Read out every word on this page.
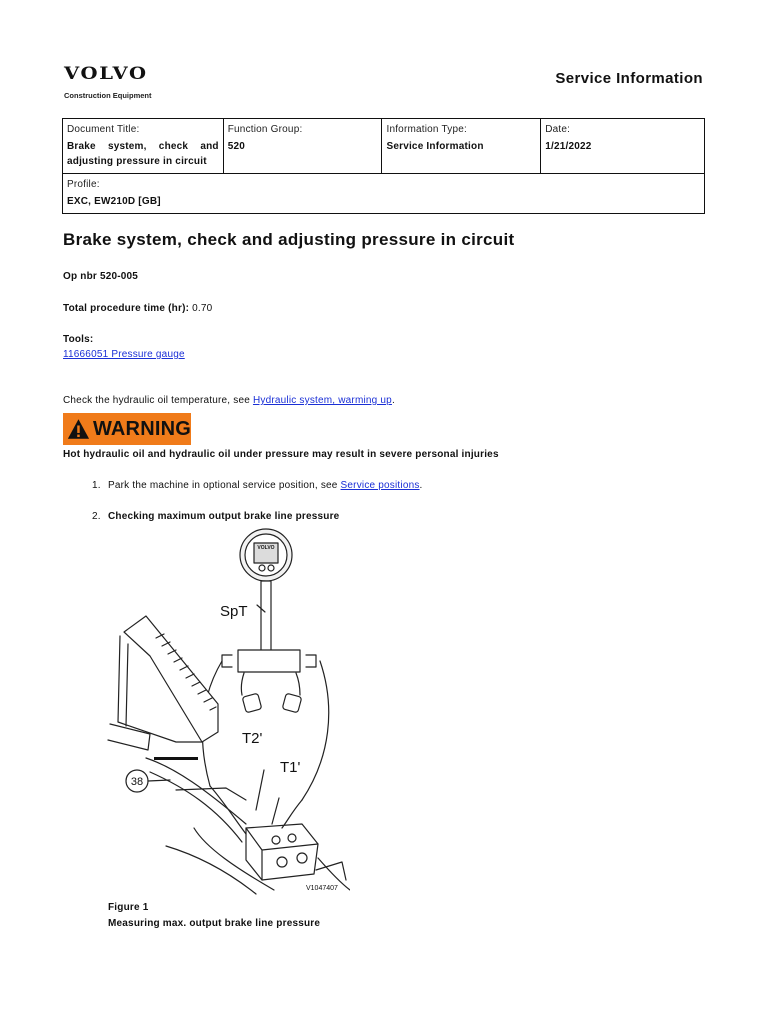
VOLVO
Construction Equipment
Service Information
Document Title:
Brake system, check and adjusting pressure in circuit

Function Group:
520

Information Type:
Service Information

Date:
1/21/2022

Profile:
EXC, EW210D [GB]
Brake system, check and adjusting pressure in circuit
Op nbr 520-005
Total procedure time (hr): 0.70
Tools:
11666051 Pressure gauge
Check the hydraulic oil temperature, see Hydraulic system, warming up.
WARNING
Hot hydraulic oil and hydraulic oil under pressure may result in severe personal injuries
1. Park the machine in optional service position, see Service positions.
2. Checking maximum output brake line pressure
VOLVO
SpT
T2'
T1'
38
V1047407
Figure 1
Measuring max. output brake line pressure
